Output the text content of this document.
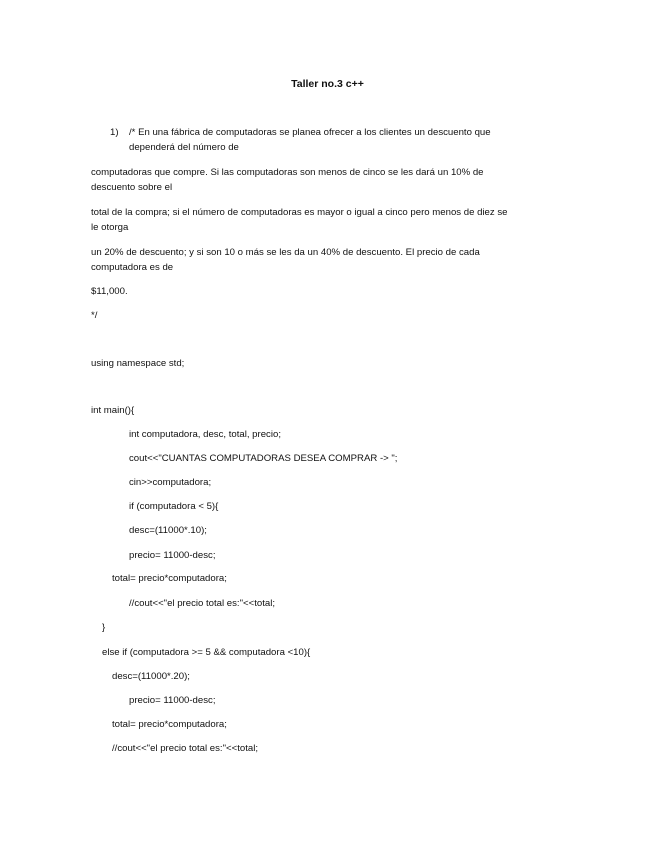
Taller no.3 c++
1) /* En una fábrica de computadoras se planea ofrecer a los clientes un descuento que
dependerá del número de
computadoras que compre. Si las computadoras son menos de cinco se les dará un 10% de
descuento sobre el
total de la compra; si el número de computadoras es mayor o igual a cinco pero menos de diez se
le otorga
un 20% de descuento; y si son 10 o más se les da un 40% de descuento. El precio de cada
computadora es de
$11,000.
*/
using namespace std;
int main(){
int computadora, desc, total, precio;
cout<<"CUANTAS COMPUTADORAS DESEA COMPRAR -> ";
cin>>computadora;
if (computadora < 5){
desc=(11000*.10);
precio= 11000-desc;
total= precio*computadora;
//cout<<"el precio total es:"<<total;
}
else if (computadora >= 5 && computadora <10){
desc=(11000*.20);
precio= 11000-desc;
total= precio*computadora;
//cout<<"el precio total es:"<<total;
